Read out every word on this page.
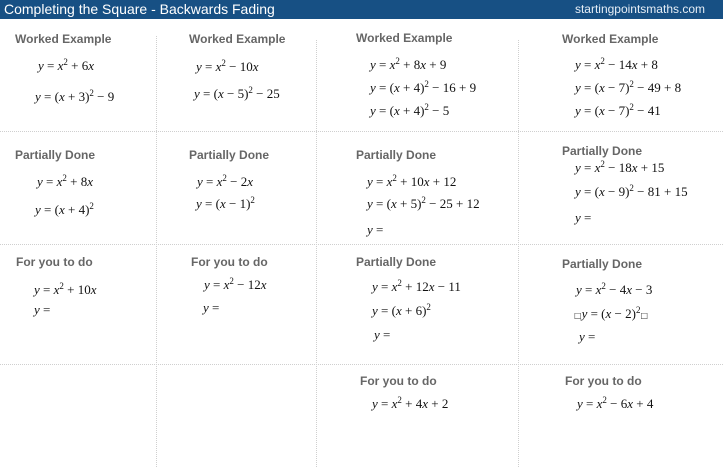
Completing the Square - Backwards Fading	startingpointsmaths.com
Worked Example
$y = x^2 + 6x$
$y = (x + 3)^2 - 9$
Worked Example
$y = x^2 - 10x$
$y = (x - 5)^2 - 25$
Worked Example
$y = x^2 + 8x + 9$
$y = (x + 4)^2 - 16 + 9$
$y = (x + 4)^2 - 5$
Worked Example
$y = x^2 - 14x + 8$
$y = (x - 7)^2 - 49 + 8$
$y = (x - 7)^2 - 41$
Partially Done
$y = x^2 + 8x$
$y = (x + 4)^2$
Partially Done
$y = x^2 - 2x$
$y = (x - 1)^2$
Partially Done
$y = x^2 + 10x + 12$
$y = (x + 5)^2 - 25 + 12$
y =
Partially Done
$y = x^2 - 18x + 15$
$y = (x - 9)^2 - 81 + 15$
y =
For you to do
$y = x^2 + 10x$
y =
For you to do
$y = x^2 - 12x$
y =
Partially Done
$y = x^2 + 12x - 11$
$y = (x + 6)^2$
y =
Partially Done
$y = x^2 - 4x - 3$
□y = $(x - 2)^2□$
y =
For you to do
$y = x^2 + 4x + 2$
For you to do
$y = x^2 - 6x + 4$
